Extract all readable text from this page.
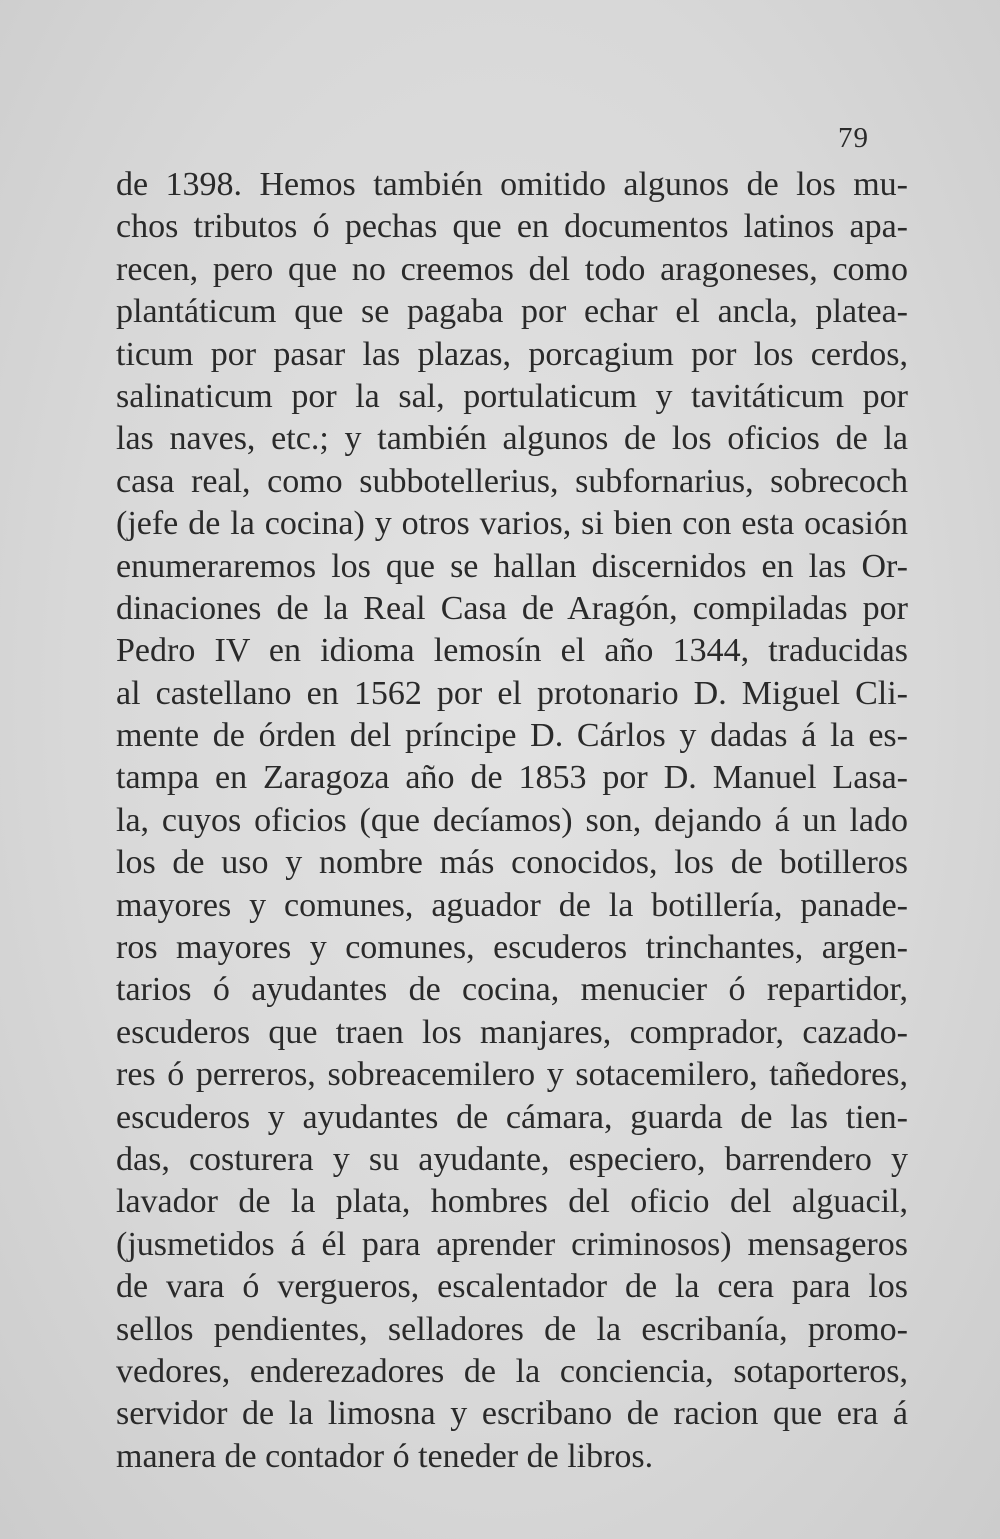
79
de 1398. Hemos también omitido algunos de los mu-
chos tributos ó pechas que en documentos latinos apa-
recen, pero que no creemos del todo aragoneses, como
plantáticum que se pagaba por echar el ancla, platea-
ticum por pasar las plazas, porcagium por los cerdos,
salinaticum por la sal, portulaticum y tavitáticum por
las naves, etc.; y también algunos de los oficios de la
casa real, como subbotellerius, subfornarius, sobrecoch
(jefe de la cocina) y otros varios, si bien con esta ocasión
enumeraremos los que se hallan discernidos en las Or-
dinaciones de la Real Casa de Aragón, compiladas por
Pedro IV en idioma lemosín el año 1344, traducidas
al castellano en 1562 por el protonario D. Miguel Cli-
mente de órden del príncipe D. Cárlos y dadas á la es-
tampa en Zaragoza año de 1853 por D. Manuel Lasa-
la, cuyos oficios (que decíamos) son, dejando á un lado
los de uso y nombre más conocidos, los de botilleros
mayores y comunes, aguador de la botillería, panade-
ros mayores y comunes, escuderos trinchantes, argen-
tarios ó ayudantes de cocina, menucier ó repartidor,
escuderos que traen los manjares, comprador, cazado-
res ó perreros, sobreacemilero y sotacemilero, tañedores,
escuderos y ayudantes de cámara, guarda de las tien-
das, costurera y su ayudante, especiero, barrendero y
lavador de la plata, hombres del oficio del alguacil,
(jusmetidos á él para aprender criminosos) mensageros
de vara ó vergueros, escalentador de la cera para los
sellos pendientes, selladores de la escribanía, promo-
vedores, enderezadores de la conciencia, sotaporteros,
servidor de la limosna y escribano de racion que era á
manera de contador ó teneder de libros.
